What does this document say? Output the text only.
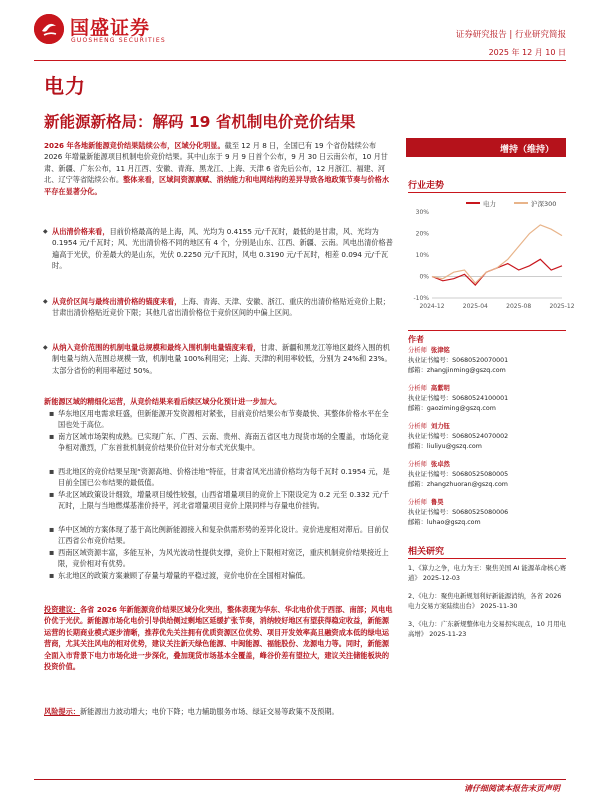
国盛证券
GUOSHENG SECURITIES
证券研究报告 | 行业研究简报
2025 年 12 月 10 日
电力
新能源新格局：解码 19 省机制电价竞价结果
2026 年各地新能源竞价结果陆续公布，区域分化明显。截至 12 月 8 日，全国已有 19 个省份陆续公布 2026 年增量新能源项目机制电价竞价结果。其中山东于 9 月 9 日首个公布，9 月 30 日云南公布，10 月甘肃、新疆、广东公布，11 月江西、安徽、青海、黑龙江、上海、天津 6 省先后公布，12 月浙江、福建、河北、辽宁等省陆续公布。整体来看，区域间资源禀赋、消纳能力和电网结构的差异导致各地政策节奏与价格水平存在显著分化。
◆ 从出清价格来看，目前价格最高的是上海，风、光均为 0.4155 元/千瓦时，最低的是甘肃，风、光均为 0.1954 元/千瓦时；风、光出清价格不同的地区有 4 个，分别是山东、江西、新疆、云南。风电出清价格普遍高于光伏，价差最大的是山东，光伏 0.2250 元/千瓦时，风电 0.3190 元/千瓦时，相差 0.094 元/千瓦时。
◆ 从竞价区间与最终出清价格的锚度来看，上海、青海、天津、安徽、浙江、重庆的出清价格贴近竞价上限；甘肃出清价格贴近竞价下限；其他几省出清价格位于竞价区间的中偏上区间。
◆ 从纳入竞价范围的机制电量总规模和最终入围机制电量锚度来看，甘肃、新疆和黑龙江等地区最终入围的机制电量与纳入范围总规模一致，机制电量 100%利用完；上海、天津的利用率较低，分别为 24%和 23%。太部分省份的利用率超过 50%。
新能源区域的精细化运营，从竞价结果来看后续区域分化预计进一步加大。
▪ 华东地区用电需求旺盛，但新能源开发资源相对紧张，目前竞价结果公布节奏最快、其整体价格水平在全国也处于高位。
▪ 南方区域市场架构成熟。已实现广东、广西、云南、贵州、海南五省区电力现货市场的全覆盖，市场化竞争相对激烈，广东首批机制竞价结果价位针对分布式光伏集中。
▪ 西北地区的竞价结果呈现“资源高地、价格洼地”特征，甘肃省风光出清价格均为每千瓦时 0.1954 元，是目前全国已公布结果的最低值。
▪ 华北区域政策设计细致，增量项目缓性较强，山西省增量项目的竞价上下限设定为 0.2 元至 0.332 元/千瓦时，上限与当地燃煤基准价持平，河北省增量项目竞价上限同样与存量电价挂钩。
▪ 华中区域的方案体现了基于高比例新能源接入和复杂供需形势的差异化设计。竞价进度相对滞后。目前仅江西省公布竞价结果。
▪ 西南区域资源丰富，多能互补，为风光波动性提供支撑，竞价上下限相对宽泛，重庆机制竞价结果接近上限，竞价相对有优势。
▪ 东北地区的政策方案兼顾了存量与增量的平稳过渡，竞价电价在全国相对偏低。
投资建议：各省 2026 年新能源竞价结果区域分化突出，整体表现为华东、华北电价优于西部、南部；风电电价优于光伏。新能源市场化电价引导供给侧过剩地区延缓扩张节奏，消纳较好地区有望获得稳定收益，新能源运营的长期商业模式逐步清晰，推荐优先关注拥有优质资源区位优势、项目开发效率高且融资成本低的绿电运营商，尤其关注风电的相对优势，建议关注新天绿色能源、中闽能源、福能股份、龙源电力等。同时，新能源全面入市背景下电力市场化进一步深化，叠加现货市场基本全覆盖，峰谷价差有望拉大，建议关注储能板块的投资价值。
风险提示：新能源出力波动增大；电价下降；电力辅助服务市场、绿证交易等政策不及预期。
增持（维持）
行业走势
电力	沪深300
-10%
0%
10%
20%
30%
2024-12	2025-04	2025-08	2025-12
作者
分析师 张津铭
执业证书编号：S0680520070001
邮箱：zhangjinming@gszq.com
分析师 高紫明
执业证书编号：S0680524100001
邮箱：gaoziming@gszq.com
分析师 刘力钰
执业证书编号：S0680524070002
邮箱：liuliyu@gszq.com
分析师 张卓然
执业证书编号：S0680525080005
邮箱：zhangzhuoran@gszq.com
分析师 鲁昊
执业证书编号：S0680525080006
邮箱：luhao@gszq.com
相关研究
1、《算力之争，电力为王：聚焦美国 AI 能源革命核心赛道》 2025-12-03
2、《电力：聚焦电新规划利好新能源消纳，各省 2026 电力交易方案陆续出台》 2025-11-30
3、《电力：广东新规整体电力交易拐实现点，10 月用电高增》 2025-11-23
请仔细阅读本报告末页声明
